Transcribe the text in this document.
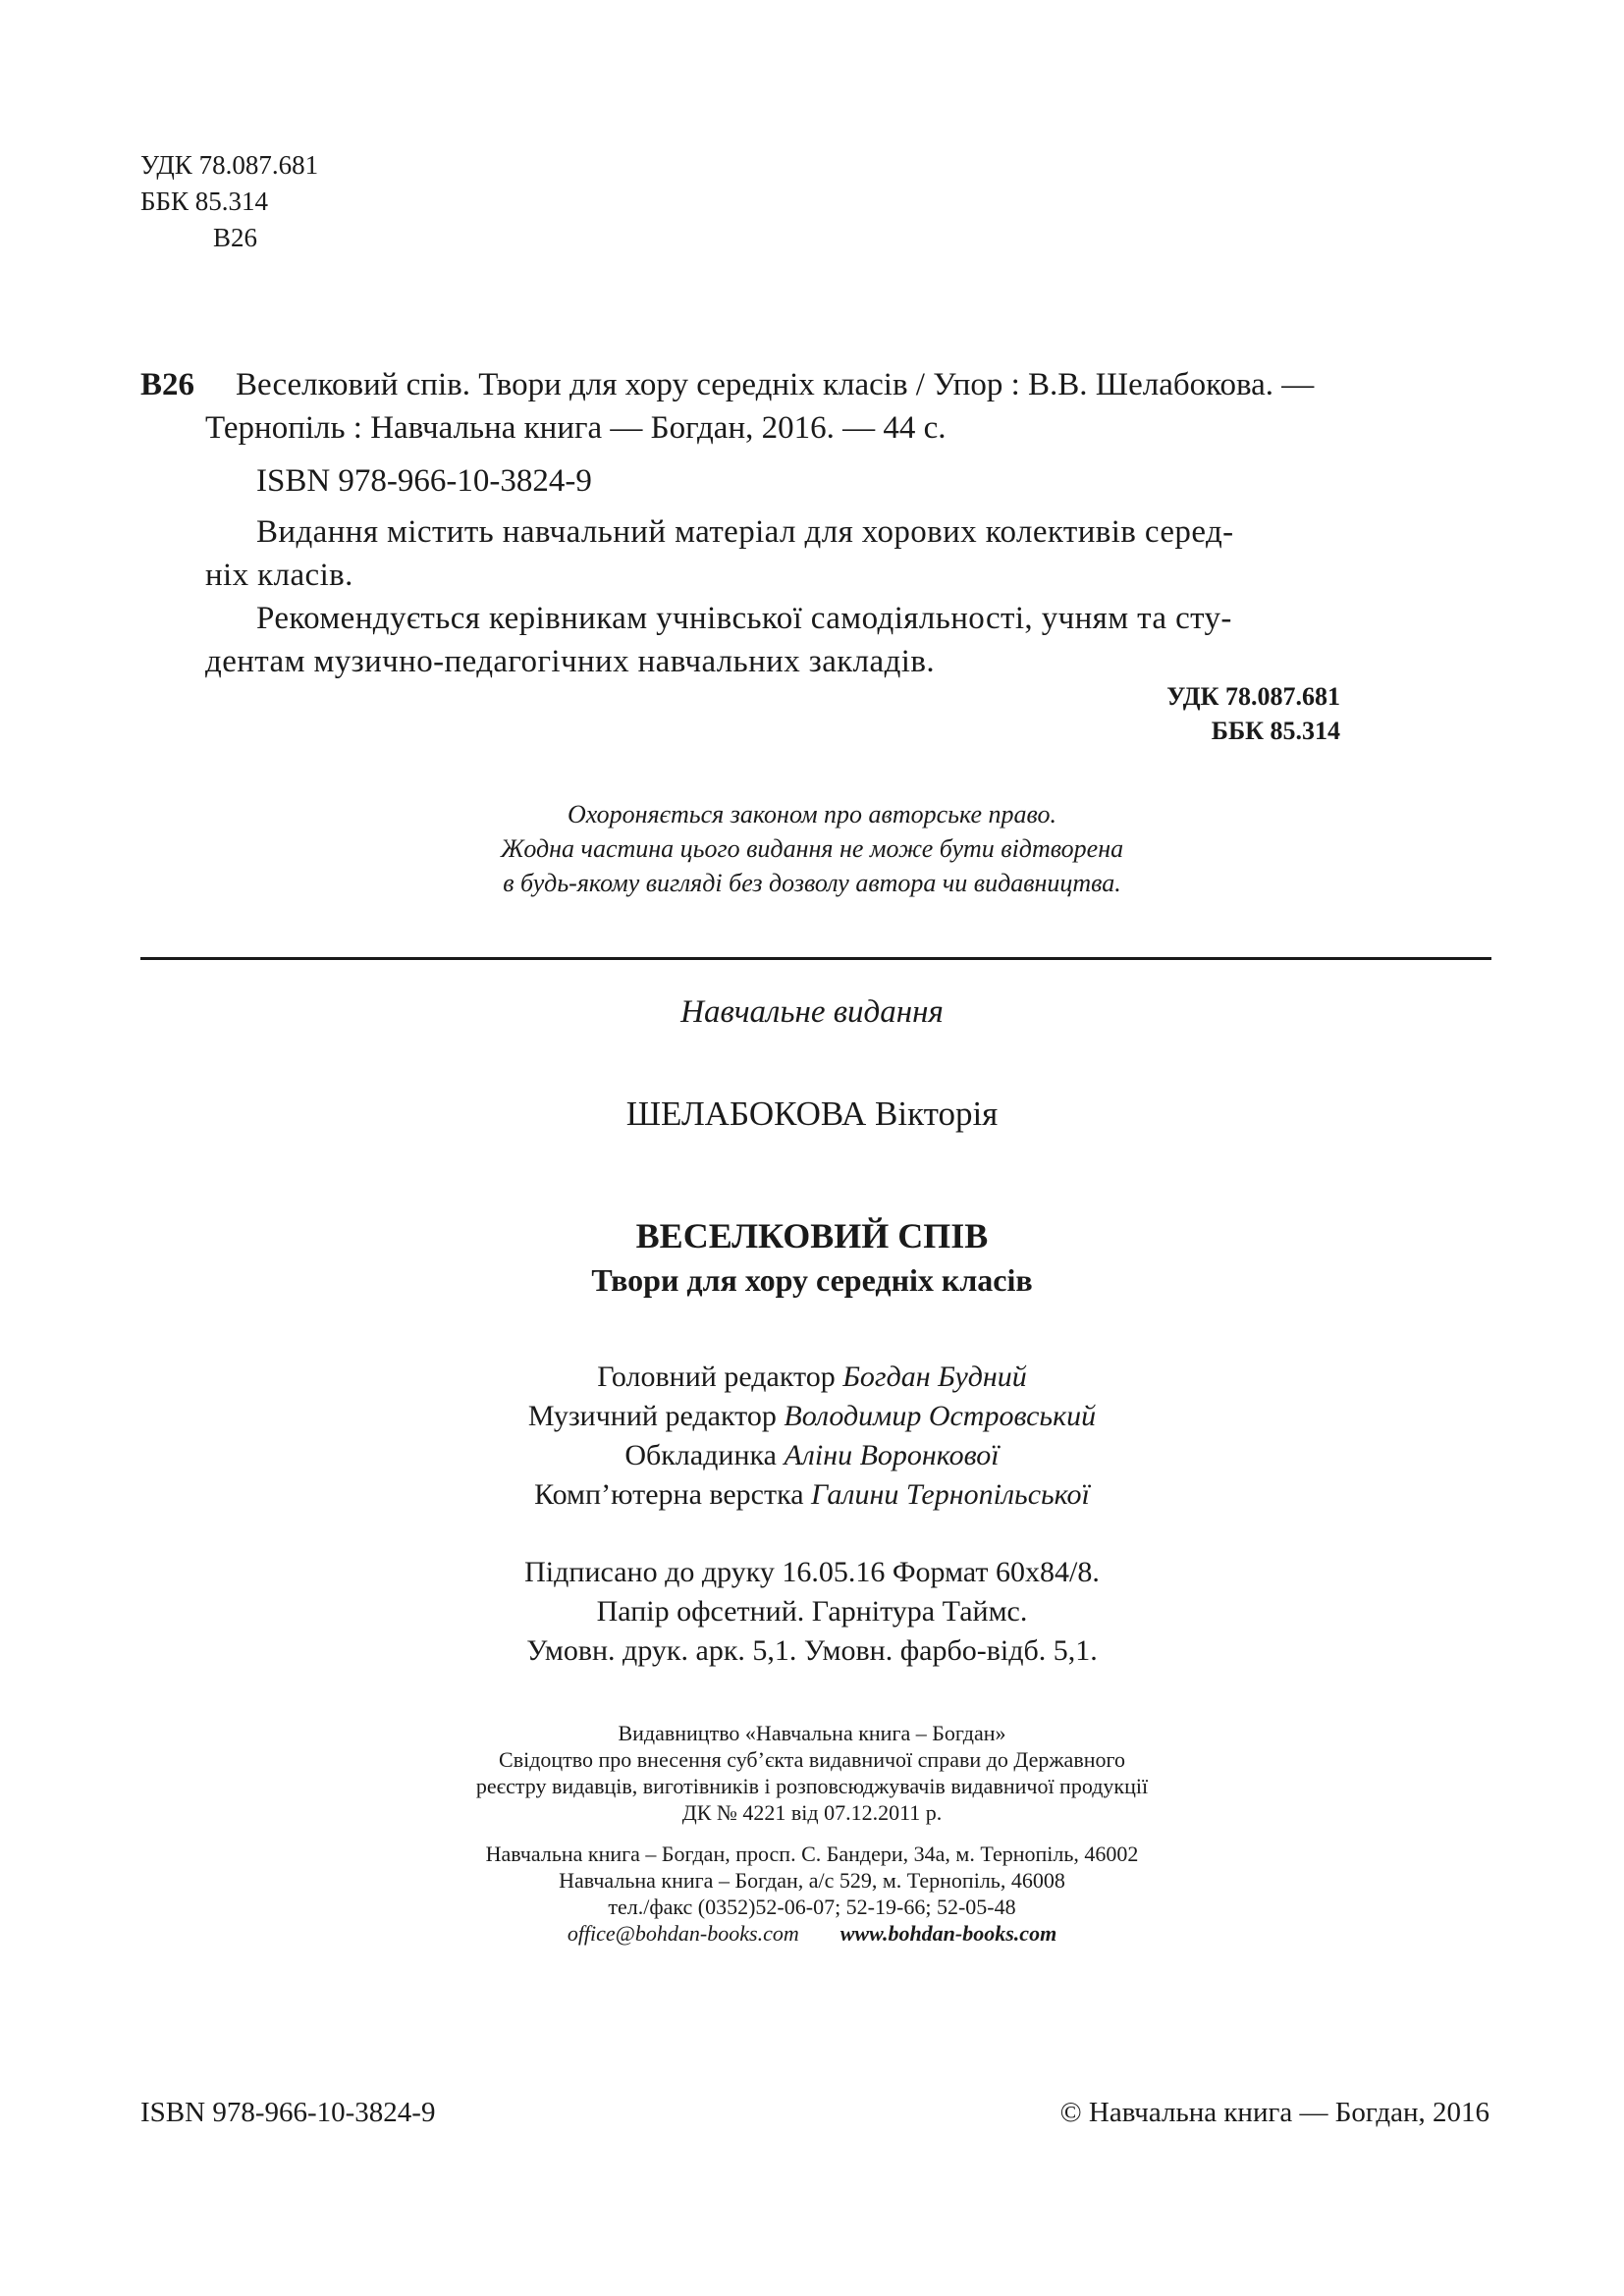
УДК 78.087.681
ББК 85.314
В26
В26	Веселковий спів. Твори для хору середніх класів / Упор : В.В. Шелабокова. —
Тернопіль : Навчальна книга — Богдан, 2016. — 44 с.
ISBN 978-966-10-3824-9
Видання містить навчальний матеріал для хорових колективів серед-
ніх класів.
Рекомендується керівникам учнівської самодіяльності, учням та сту-
дентам музично-педагогічних навчальних закладів.
УДК 78.087.681
ББК 85.314
Охороняється законом про авторське право.
Жодна частина цього видання не може бути відтворена
в будь-якому вигляді без дозволу автора чи видавництва.
Навчальне видання
ШЕЛАБОКОВА Вікторія
ВЕСЕЛКОВИЙ СПІВ
Твори для хору середніх класів
Головний редактор Богдан Будний
Музичний редактор Володимир Островський
Обкладинка Аліни Воронкової
Комп’ютерна верстка Галини Тернопільської
Підписано до друку 16.05.16 Формат 60х84/8.
Папір офсетний. Гарнітура Таймс.
Умовн. друк. арк. 5,1. Умовн. фарбо-відб. 5,1.
Видавництво «Навчальна книга – Богдан»
Свідоцтво про внесення суб’єкта видавничої справи до Державного
реєстру видавців, виготівників і розповсюджувачів видавничої продукції
ДК № 4221 від 07.12.2011 р.
Навчальна книга – Богдан, просп. С. Бандери, 34а, м. Тернопіль, 46002
Навчальна книга – Богдан, а/с 529, м. Тернопіль, 46008
тел./факс (0352)52-06-07; 52-19-66; 52-05-48
office@bohdan-books.com www.bohdan-books.com
ISBN 978-966-10-3824-9	© Навчальна книга — Богдан, 2016
